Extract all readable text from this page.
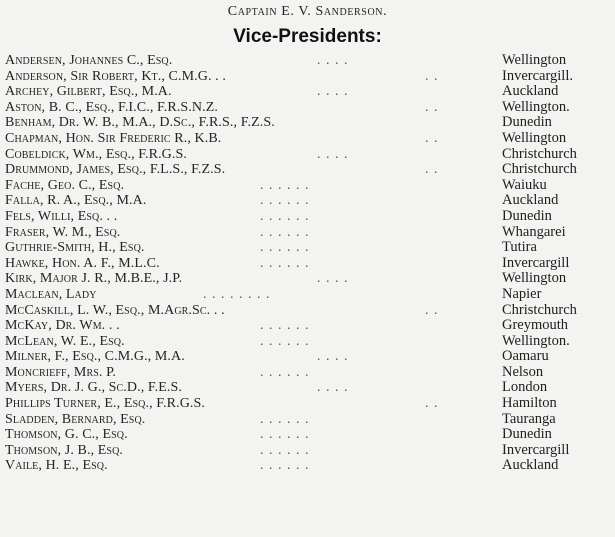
Captain E. V. Sanderson.
Vice-Presidents:
Andersen, Johannes C., Esq.	. . . .	Wellington
Anderson, Sir Robert, Kt., C.M.G. . .	. .	Invercargill.
Archey, Gilbert, Esq., M.A.	. . . .	Auckland
Aston, B. C., Esq., F.I.C., F.R.S.N.Z.	. .	Wellington.
Benham, Dr. W. B., M.A., D.Sc., F.R.S., F.Z.S.	Dunedin
Chapman, Hon. Sir Frederic R., K.B.	. .	Wellington
Cobeldick, Wm., Esq., F.R.G.S.	. . . .	Christchurch
Drummond, James, Esq., F.L.S., F.Z.S.	. .	Christchurch
Fache, Geo. C., Esq.	. . . . . .	Waiuku
Falla, R. A., Esq., M.A.	. . . . . .	Auckland
Fels, Willi, Esq. . .	. . . . . .	Dunedin
Fraser, W. M., Esq.	. . . . . .	Whangarei
Guthrie-Smith, H., Esq.	. . . . . .	Tutira
Hawke, Hon. A. F., M.L.C.	. . . . . .	Invercargill
Kirk, Major J. R., M.B.E., J.P.	. . . .	Wellington
Maclean, Lady	. . . . . . . .	Napier
McCaskill, L. W., Esq., M.Agr.Sc. . .	. .	Christchurch
McKay, Dr. Wm. . .	. . . . . .	Greymouth
McLean, W. E., Esq.	. . . . . .	Wellington.
Milner, F., Esq., C.M.G., M.A.	. . . .	Oamaru
Moncrieff, Mrs. P.	. . . . . .	Nelson
Myers, Dr. J. G., Sc.D., F.E.S.	. . . .	London
Phillips Turner, E., Esq., F.R.G.S.	. .	Hamilton
Sladden, Bernard, Esq.	. . . . . .	Tauranga
Thomson, G. C., Esq.	. . . . . .	Dunedin
Thomson, J. B., Esq.	. . . . . .	Invercargill
Vaile, H. E., Esq.	. . . . . .	Auckland
